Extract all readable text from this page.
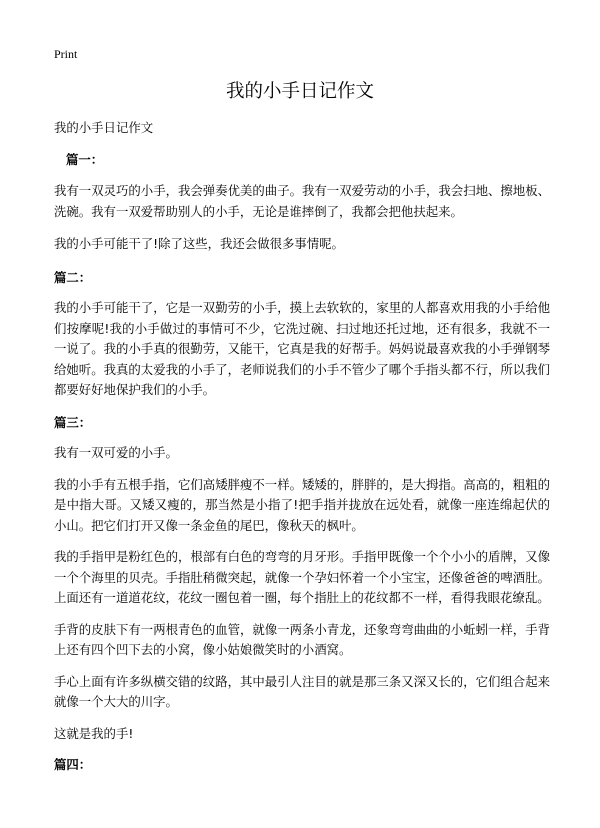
Print
我的小手日记作文

我的小手日记作文

篇一：

我有一双灵巧的小手，我会弹奏优美的曲子。我有一双爱劳动的小手，我会扫地、擦地板、洗碗。我有一双爱帮助别人的小手，无论是谁摔倒了，我都会把他扶起来。

我的小手可能干了!除了这些，我还会做很多事情呢。

篇二：

我的小手可能干了，它是一双勤劳的小手，摸上去软软的，家里的人都喜欢用我的小手给他们按摩呢!我的小手做过的事情可不少，它洗过碗、扫过地还托过地，还有很多，我就不一一说了。我的小手真的很勤劳，又能干，它真是我的好帮手。妈妈说最喜欢我的小手弹钢琴给她听。我真的太爱我的小手了，老师说我们的小手不管少了哪个手指头都不行，所以我们都要好好地保护我们的小手。

篇三：

我有一双可爱的小手。

我的小手有五根手指，它们高矮胖瘦不一样。矮矮的，胖胖的，是大拇指。高高的，粗粗的是中指大哥。又矮又瘦的，那当然是小指了!把手指并拢放在远处看，就像一座连绵起伏的小山。把它们打开又像一条金鱼的尾巴，像秋天的枫叶。

我的手指甲是粉红色的，根部有白色的弯弯的月牙形。手指甲既像一个个小小的盾牌，又像一个个海里的贝壳。手指肚稍微突起，就像一个孕妇怀着一个小宝宝，还像爸爸的啤酒肚。上面还有一道道花纹，花纹一圈包着一圈，每个指肚上的花纹都不一样，看得我眼花缭乱。

手背的皮肤下有一两根青色的血管，就像一两条小青龙，还象弯弯曲曲的小蚯蚓一样，手背上还有四个凹下去的小窝，像小姑娘微笑时的小酒窝。

手心上面有许多纵横交错的纹路，其中最引人注目的就是那三条又深又长的，它们组合起来就像一个大大的川字。

这就是我的手!

篇四：
